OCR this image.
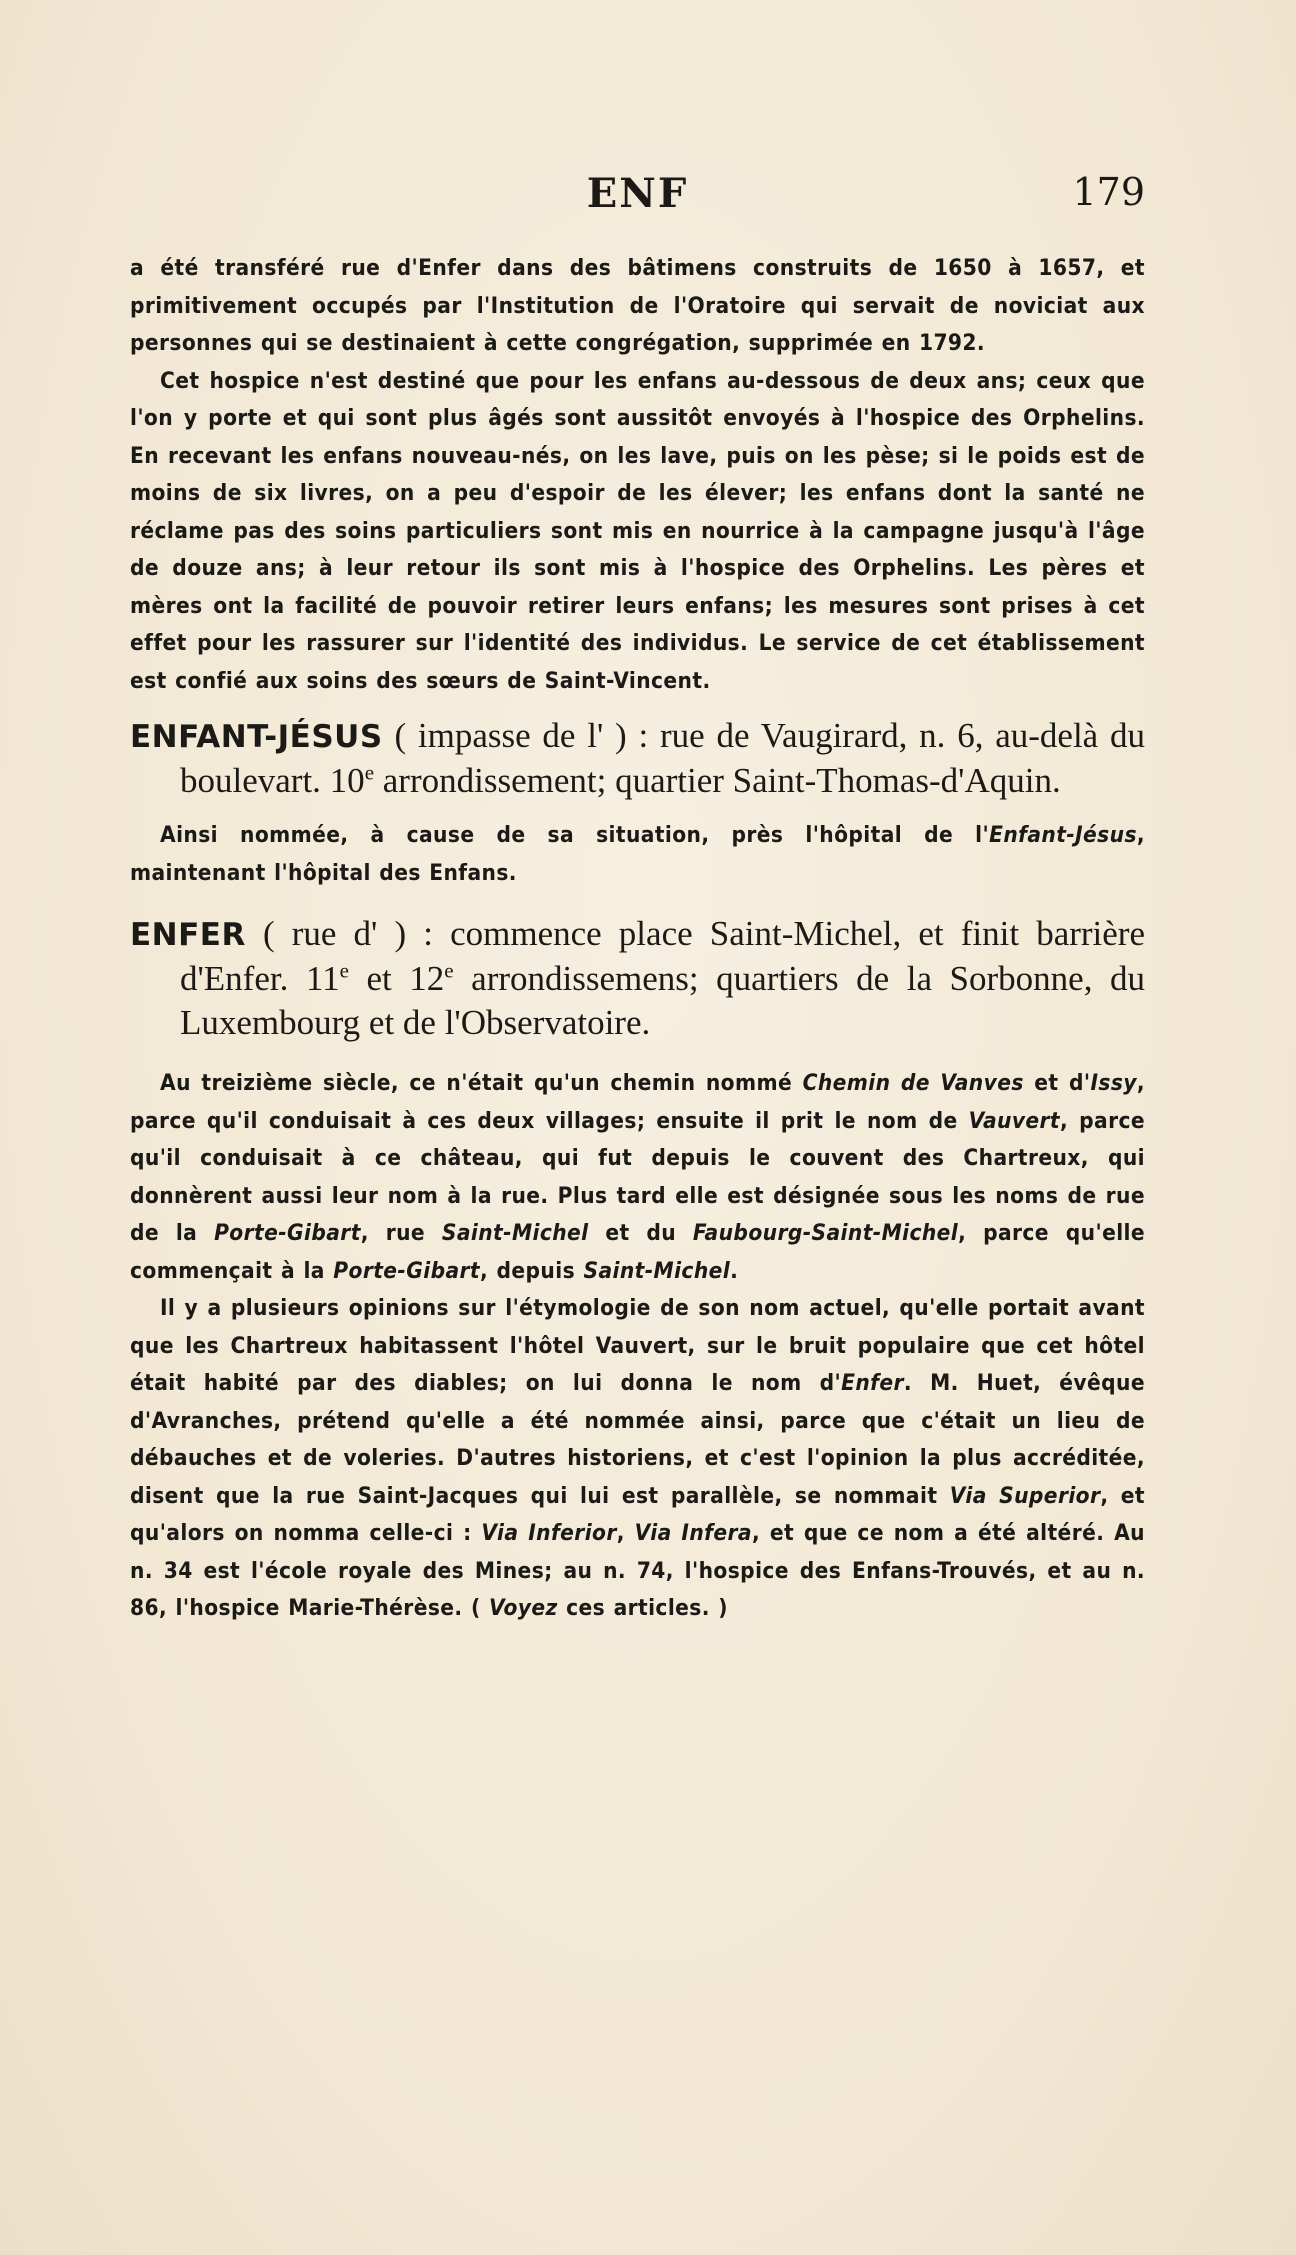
ENF	179

a été transféré rue d'Enfer dans des bâtimens construits de 1650 à 1657, et primitivement occupés par l'Institution de l'Oratoire qui servait de noviciat aux personnes qui se destinaient à cette congrégation, supprimée en 1792.

Cet hospice n'est destiné que pour les enfans au-dessous de deux ans; ceux que l'on y porte et qui sont plus âgés sont aussitôt envoyés à l'hospice des Orphelins. En recevant les enfans nouveau-nés, on les lave, puis on les pèse; si le poids est de moins de six livres, on a peu d'espoir de les élever; les enfans dont la santé ne réclame pas des soins particuliers sont mis en nourrice à la campagne jusqu'à l'âge de douze ans; à leur retour ils sont mis à l'hospice des Orphelins. Les pères et mères ont la facilité de pouvoir retirer leurs enfans; les mesures sont prises à cet effet pour les rassurer sur l'identité des individus. Le service de cet établissement est confié aux soins des sœurs de Saint-Vincent.

ENFANT-JÉSUS ( impasse de l' ) : rue de Vaugirard, n. 6, au-delà du boulevart. 10e arrondissement; quartier Saint-Thomas-d'Aquin.

Ainsi nommée, à cause de sa situation, près l'hôpital de l'Enfant-Jésus, maintenant l'hôpital des Enfans.

ENFER ( rue d' ) : commence place Saint-Michel, et finit barrière d'Enfer. 11e et 12e arrondissemens; quartiers de la Sorbonne, du Luxembourg et de l'Observatoire.

Au treizième siècle, ce n'était qu'un chemin nommé Chemin de Vanves et d'Issy, parce qu'il conduisait à ces deux villages; ensuite il prit le nom de Vauvert, parce qu'il conduisait à ce château, qui fut depuis le couvent des Chartreux, qui donnèrent aussi leur nom à la rue. Plus tard elle est désignée sous les noms de rue de la Porte-Gibart, rue Saint-Michel et du Faubourg-Saint-Michel, parce qu'elle commençait à la Porte-Gibart, depuis Saint-Michel.

Il y a plusieurs opinions sur l'étymologie de son nom actuel, qu'elle portait avant que les Chartreux habitassent l'hôtel Vauvert, sur le bruit populaire que cet hôtel était habité par des diables; on lui donna le nom d'Enfer. M. Huet, évêque d'Avranches, prétend qu'elle a été nommée ainsi, parce que c'était un lieu de débauches et de voleries. D'autres historiens, et c'est l'opinion la plus accréditée, disent que la rue Saint-Jacques qui lui est parallèle, se nommait Via Superior, et qu'alors on nomma celle-ci : Via Inferior, Via Infera, et que ce nom a été altéré. Au n. 34 est l'école royale des Mines; au n. 74, l'hospice des Enfans-Trouvés, et au n. 86, l'hospice Marie-Thérèse. ( Voyez ces articles. )
